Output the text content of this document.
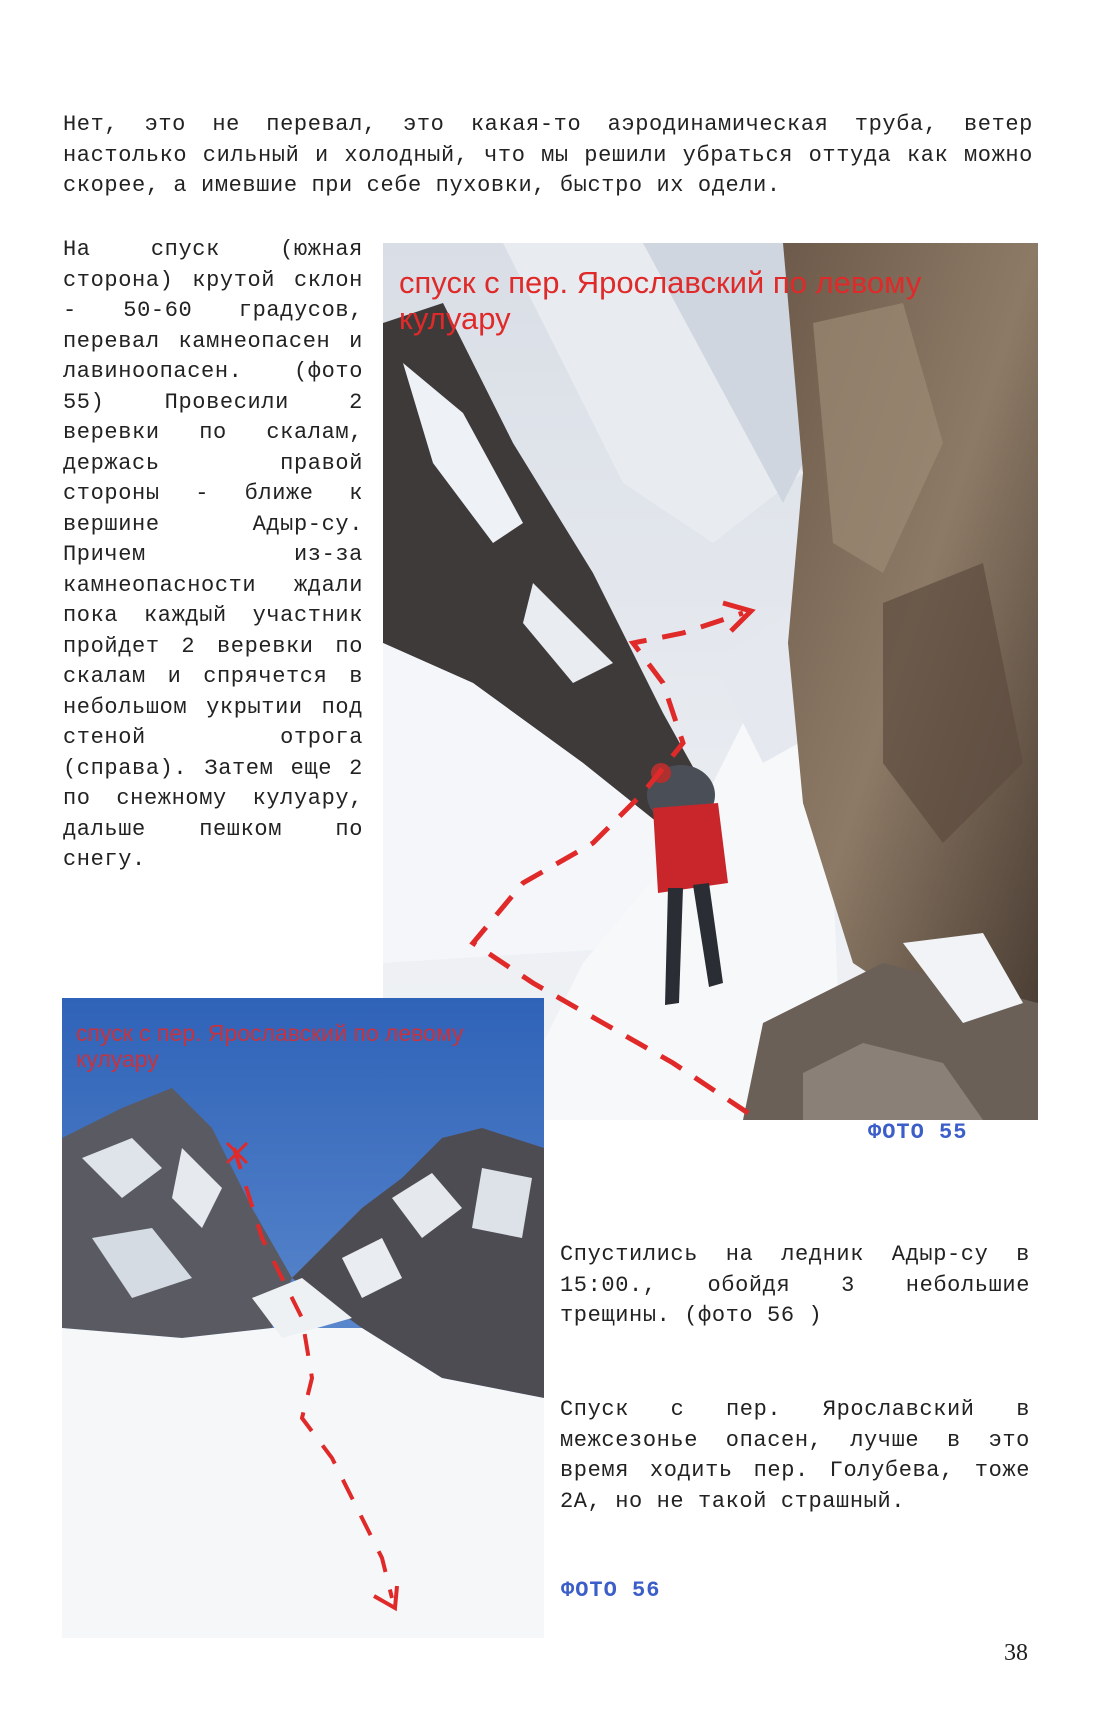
Нет, это не перевал, это какая-то аэродинамическая труба, ветер настолько сильный и холодный, что мы решили убраться оттуда как можно скорее, а имевшие при себе пуховки, быстро их одели.

На спуск (южная сторона) крутой склон - 50-60 градусов, перевал камнеопасен и лавиноопасен. (фото 55) Провесили 2 веревки по скалам, держась правой стороны - ближе к вершине Адыр-су. Причем из-за камнеопасности ждали пока каждый участник пройдет 2 веревки по скалам и спрячется в небольшом укрытии под стеной отрога (справа). Затем еще 2 по снежному кулуару, дальше пешком по снегу.

спуск с пер. Ярославский по левому кулуару
ФОТО 55
спуск с пер. Ярославский по левому кулуару

Спустились на ледник Адыр-су в 15:00., обойдя 3 небольшие трещины. (фото 56 )

Спуск с пер. Ярославский в межсезонье опасен, лучше в это время ходить пер. Голубева, тоже 2А, но не такой страшный.

ФОТО 56
38
